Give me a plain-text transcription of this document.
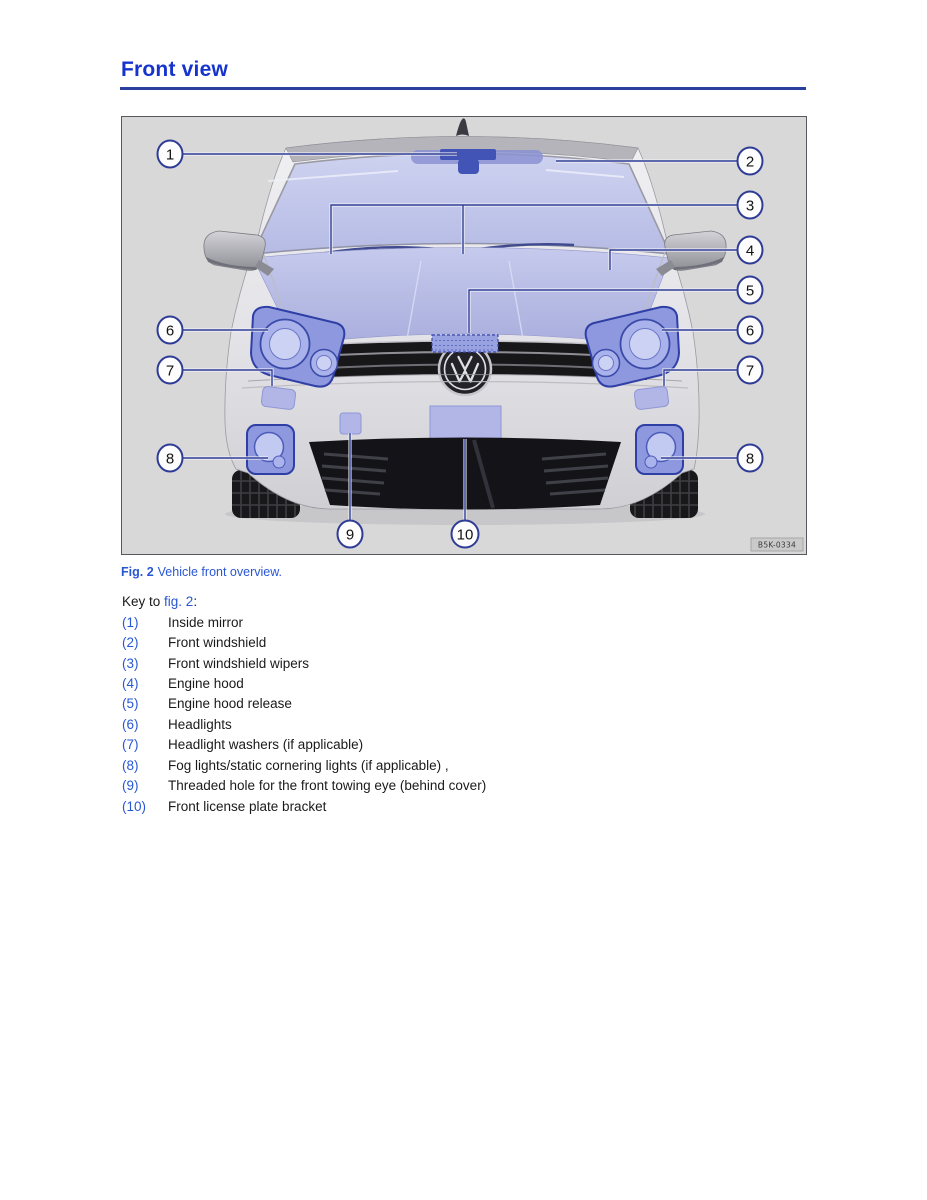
Front view
1	2
3
4
5
6	6
7	7
8	8
9	10
B5K-0334

Fig. 2 Vehicle front overview.

Key to fig. 2:

(1)	Inside mirror
(2)	Front windshield
(3)	Front windshield wipers
(4)	Engine hood
(5)	Engine hood release
(6)	Headlights
(7)	Headlight washers (if applicable)
(8)	Fog lights/static cornering lights (if applicable) ,
(9)	Threaded hole for the front towing eye (behind cover)
(10)	Front license plate bracket
